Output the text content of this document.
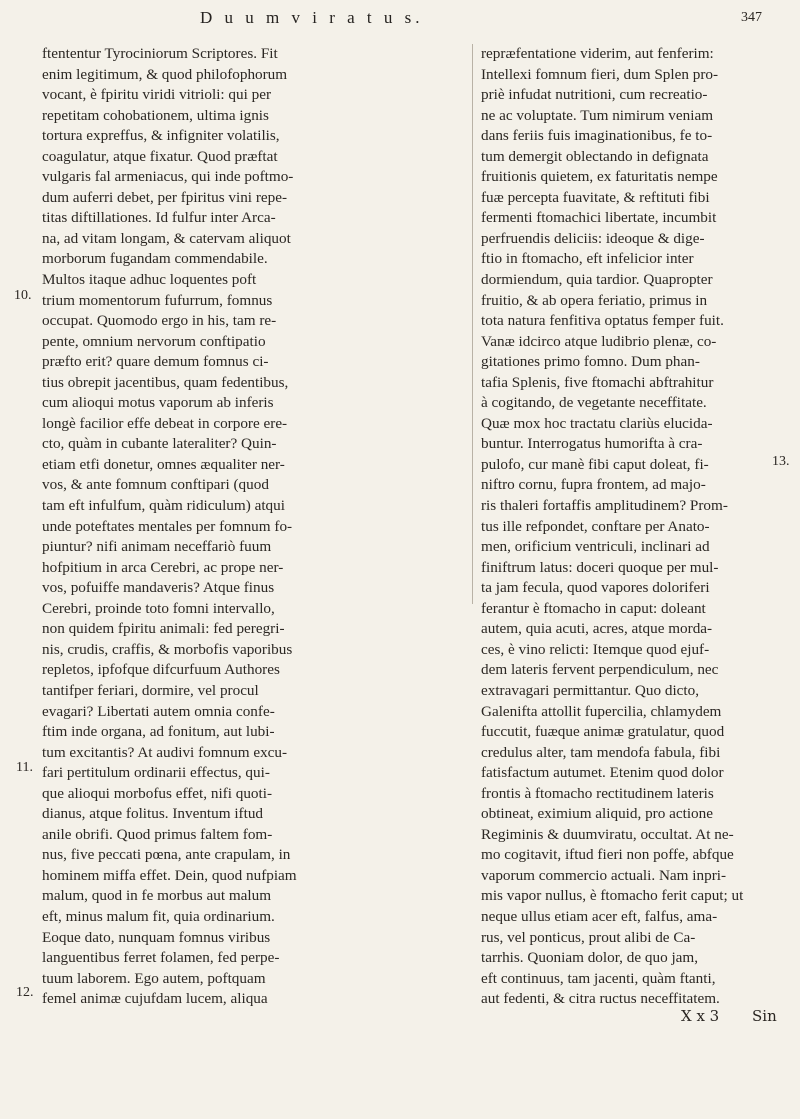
D u u m v i r a t u s.	347
ftententur Tyrociniorum Scriptores. Fit
enim legitimum, & quod philofophorum
vocant, è fpiritu viridi vitrioli: qui per
repetitam cohobationem, ultima ignis
tortura expreffus, & infigniter volatilis,
coagulatur, atque fixatur. Quod præftat
vulgaris fal armeniacus, qui inde poftmo-
dum auferri debet, per fpiritus vini repe-
titas diftillationes. Id fulfur inter Arca-
na, ad vitam longam, & catervam aliquot
morborum fugandam commendabile.
Multos itaque adhuc loquentes poft
trium momentorum fufurrum, fomnus
occupat. Quomodo ergo in his, tam re-
pente, omnium nervorum conftipatio
præfto erit? quare demum fomnus ci-
tius obrepit jacentibus, quam fedentibus,
cum alioqui motus vaporum ab inferis
longè facilior effe debeat in corpore ere-
cto, quàm in cubante lateraliter? Quin-
etiam etfi donetur, omnes æqualiter ner-
vos, & ante fomnum conftipari (quod
tam eft infulfum, quàm ridiculum) atqui
unde poteftates mentales per fomnum fo-
piuntur? nifi animam neceffariò fuum
hofpitium in arca Cerebri, ac prope ner-
vos, pofuiffe mandaveris? Atque finus
Cerebri, proinde toto fomni intervallo,
non quidem fpiritu animali: fed peregri-
nis, crudis, craffis, & morbofis vaporibus
repletos, ipfofque difcurfuum Authores
tantifper feriari, dormire, vel procul
evagari? Libertati autem omnia confe-
ftim inde organa, ad fonitum, aut lubi-
tum excitantis? At audivi fomnum excu-
fari pertitulum ordinarii effectus, qui-
que alioqui morbofus effet, nifi quoti-
dianus, atque folitus. Inventum iftud
anile obrifi. Quod primus faltem fom-
nus, five peccati pœna, ante crapulam, in
hominem miffa effet. Dein, quod nufpiam
malum, quod in fe morbus aut malum
eft, minus malum fit, quia ordinarium.
Eoque dato, nunquam fomnus viribus
languentibus ferret folamen, fed perpe-
tuum laborem. Ego autem, poftquam
femel animæ cujufdam lucem, aliqua
repræfentatione viderim, aut fenferim:
Intellexi fomnum fieri, dum Splen pro-
priè infudat nutritioni, cum recreatio-
ne ac voluptate. Tum nimirum veniam
dans feriis fuis imaginationibus, fe to-
tum demergit oblectando in defignata
fruitionis quietem, ex faturitatis nempe
fuæ percepta fuavitate, & reftituti fibi
fermenti ftomachici libertate, incumbit
perfruendis deliciis: ideoque & dige-
ftio in ftomacho, eft infelicior inter
dormiendum, quia tardior. Quapropter
fruitio, & ab opera feriatio, primus in
tota natura fenfitiva optatus femper fuit.
Vanæ idcirco atque ludibrio plenæ, co-
gitationes primo fomno. Dum phan-
tafia Splenis, five ftomachi abftrahitur
à cogitando, de vegetante neceffitate.
Quæ mox hoc tractatu clariùs elucida-
buntur. Interrogatus humorifta à cra-
pulofo, cur manè fibi caput doleat, fi-
niftro cornu, fupra frontem, ad majo-
ris thaleri fortaffis amplitudinem? Prom-
tus ille refpondet, conftare per Anato-
men, orificium ventriculi, inclinari ad
finiftrum latus: doceri quoque per mul-
ta jam fecula, quod vapores doloriferi
ferantur è ftomacho in caput: doleant
autem, quia acuti, acres, atque morda-
ces, è vino relicti: Itemque quod ejuf-
dem lateris fervent perpendiculum, nec
extravagari permittantur. Quo dicto,
Galenifta attollit fupercilia, chlamydem
fuccutit, fuæque animæ gratulatur, quod
credulus alter, tam mendofa fabula, fibi
fatisfactum autumet. Etenim quod dolor
frontis à ftomacho rectitudinem lateris
obtineat, eximium aliquid, pro actione
Regiminis & duumviratu, occultat. At ne-
mo cogitavit, iftud fieri non poffe, abfque
vaporum commercio actuali. Nam inpri-
mis vapor nullus, è ftomacho ferit caput; ut
neque ullus etiam acer eft, falfus, ama-
rus, vel ponticus, prout alibi de Ca-
tarrhis. Quoniam dolor, de quo jam,
eft continuus, tam jacenti, quàm ftanti,
aut fedenti, & citra ructus neceffitatem.
10.
11.
12.
13.
X x 3 Sin
